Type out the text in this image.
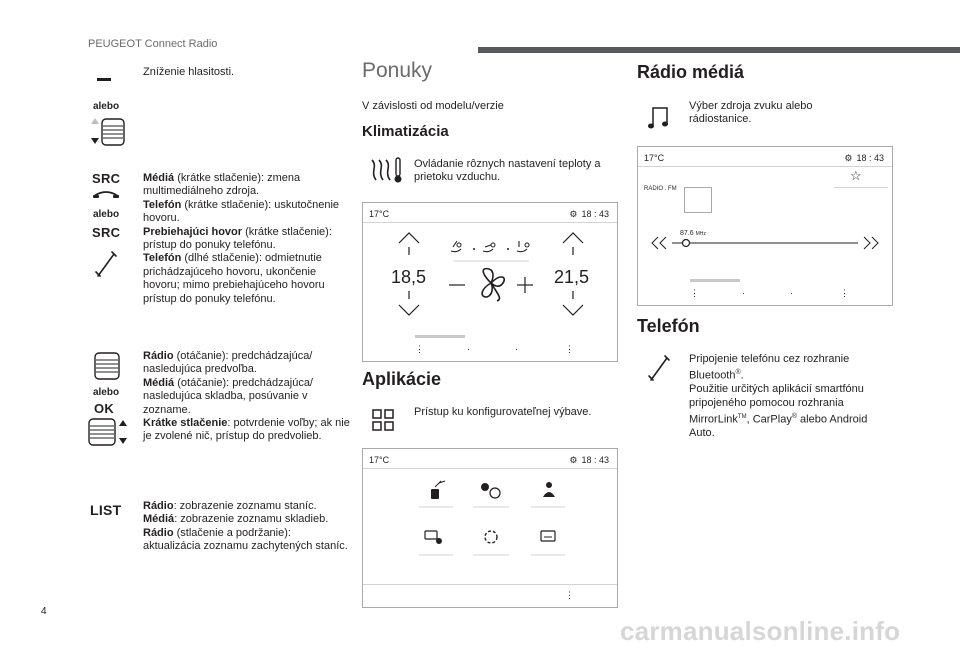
PEUGEOT Connect Radio
alebo
Zníženie hlasitosti.
SRC
alebo
SRC
Médiá (krátke stlačenie): zmena multimediálneho zdroja.
Telefón (krátke stlačenie): uskutočnenie hovoru.
Prebiehajúci hovor (krátke stlačenie): prístup do ponuky telefónu.
Telefón (dlhé stlačenie): odmietnutie prichádzajúceho hovoru, ukončenie hovoru; mimo prebiehajúceho hovoru prístup do ponuky telefónu.
alebo
OK
Rádio (otáčanie): predchádzajúca/ nasledujúca predvoľba.
Médiá (otáčanie): predchádzajúca/ nasledujúca skladba, posúvanie v zozname.
Krátke stlačenie: potvrdenie voľby; ak nie je zvolené nič, prístup do predvolieb.
LIST Rádio: zobrazenie zoznamu staníc.
Médiá: zobrazenie zoznamu skladieb.
Rádio (stlačenie a podržanie): aktualizácia zoznamu zachytených staníc.
Ponuky
V závislosti od modelu/verzie
Klimatizácia
Ovládanie rôznych nastavení teploty a prietoku vzduchu.
17°C	⚙ 18 : 43
18,5	21,5
⋮	·	·	⋮
Aplikácie
Prístup ku konfigurovateľnej výbave.
17°C	⚙ 18 : 43
⋮
Rádio médiá
Výber zdroja zvuku alebo rádiostanice.
17°C	⚙ 18 : 43
RADIO . FM
☆
87.6 MHz
⋮	·	·	⋮
Telefón
Pripojenie telefónu cez rozhranie Bluetooth®.
Použitie určitých aplikácií smartfónu pripojeného pomocou rozhrania MirrorLink™, CarPlay® alebo Android Auto.
4
carmanualsonline.info
